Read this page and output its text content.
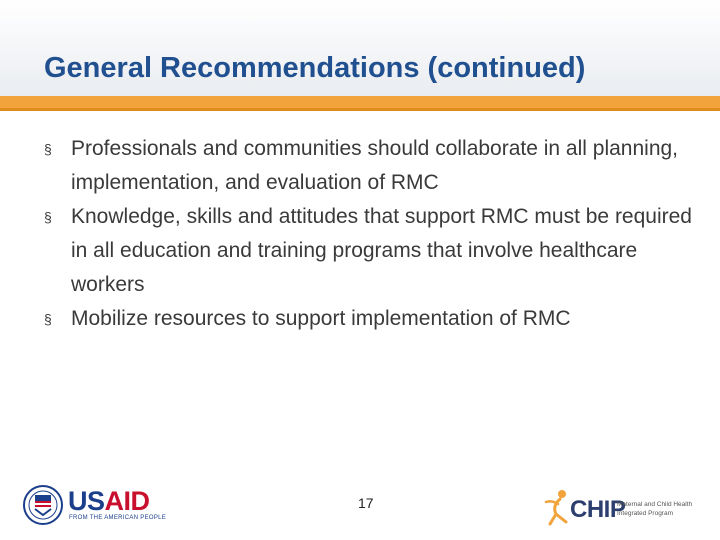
General Recommendations (continued)
§ Professionals and communities should collaborate in all planning, implementation, and evaluation of RMC
§ Knowledge, skills and attitudes that support RMC must be required in all education and training programs that involve healthcare workers
§ Mobilize resources to support implementation of RMC
USAID
FROM THE AMERICAN PEOPLE
17	CHIP
Maternal and Child Health
Integrated Program
